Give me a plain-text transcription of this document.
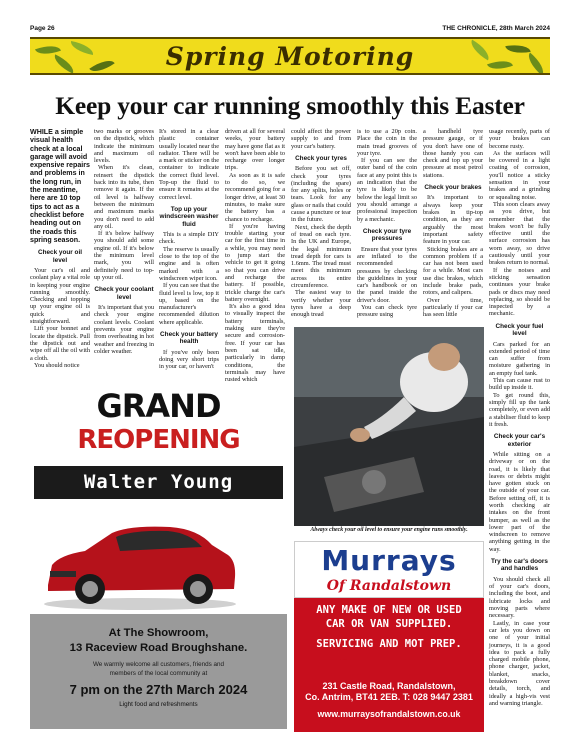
Page 26	THE CHRONICLE, 28th March 2024
Spring Motoring
Keep your car running smoothly this Easter

WHILE a simple visual health check at a local garage will avoid expensive repairs and problems in the long run, in the meantime, here are 10 top tips to act as a checklist before heading out on the roads this spring season.

Check your oil level

Your car's oil and coolant play a vital role in keeping your engine running smoothly. Checking and topping up your engine oil is quick and straightforward.

Lift your bonnet and locate the dipstick. Pull the dipstick out and wipe off all the oil with a cloth.

You should notice

two marks or grooves on the dipstick, which indicate the minimum and maximum oil levels.

When it's clean, reinsert the dipstick back into its tube, then remove it again. If the oil level is halfway between the minimum and maximum marks you don't need to add any oil.

If it's below halfway you should add some engine oil. If it's below the minimum level mark, you will definitely need to top-up your oil.

Check your coolant level

It's important that you check your engine coolant levels. Coolant prevents your engine from overheating in hot weather and freezing in colder weather.

It's stored in a clear plastic container usually located near the radiator. There will be a mark or sticker on the container to indicate the correct fluid level. Top-up the fluid to ensure it remains at the correct level.

Top up your windscreen washer fluid

This is a simple DIY check.

The reserve is usually close to the top of the engine and is often marked with a windscreen wiper icon.

If you can see that the fluid level is low, top it up, based on the manufacturer's recommended dilution where applicable.

Check your battery health

If you've only been doing very short trips in your car, or haven't

driven at all for several weeks, your battery may have gone flat as it won't have been able to recharge over longer trips.

As soon as it is safe to do so, we recommend going for a longer drive, at least 30 minutes, to make sure the battery has a chance to recharge.

If you're having trouble starting your car for the first time in a while, you may need to jump start the vehicle to get it going so that you can drive and recharge the battery. If possible, trickle charge the car's battery overnight.

It's also a good idea to visually inspect the battery terminals, making sure they're secure and corrosion-free. If your car has been sat idle, particularly in damp conditions, the terminals may have rusted which

could affect the power supply to and from your car's battery.

Check your tyres

Before you set off, check your tyres (including the spare) for any splits, holes or tears. Look for any glass or nails that could cause a puncture or tear in the future.

Next, check the depth of tread on each tyre. In the UK and Europe, the legal minimum tread depth for cars is 1.6mm. The tread must meet this minimum across its entire circumference.

The easiest way to verify whether your tyres have a deep enough tread

is to use a 20p coin. Place the coin in the main tread grooves of your tyre.

If you can see the outer band of the coin face at any point this is an indication that the tyre is likely to be below the legal limit so you should arrange a professional inspection by a mechanic.

Check your tyre pressures

Ensure that your tyres are inflated to the recommended pressures by checking the guidelines in your car's handbook or on the panel inside the driver's door.

You can check tyre pressure using

a handheld tyre pressure gauge, or if you don't have one of those handy you can check and top up your pressure at most petrol stations.

Check your brakes

It's important to always keep your brakes in tip-top condition, as they are arguably the most important safety feature in your car.

Sticking brakes are a common problem if a car has not been used for a while. Most cars use disc brakes, which include brake pads, rotors, and calipers.

Over time, particularly if your car has seen little

usage recently, parts of your brakes can become rusty.

As the surfaces will be covered in a light coating of corrosion, you'll notice a sticky sensation in your brakes and a grinding or squealing noise.

This soon clears away as you drive, but remember that the brakes won't be fully effective until the surface corrosion has worn away, so drive cautiously until your brakes return to normal.

If the noises and sticking sensation continues your brake pads or discs may need replacing, so should be inspected by a mechanic.

Check your fuel level

Cars parked for an extended period of time can suffer from moisture gathering in an empty fuel tank.

This can cause rust to build up inside it.

To get round this, simply fill up the tank completely, or even add a stabiliser fluid to keep it fresh.

Check your car's exterior

While sitting on a driveway or on the road, it is likely that leaves or debris might have gotten stuck on the outside of your car. Before setting off, it is worth checking air intakes on the front bumper, as well as the lower part of the windscreen to remove anything getting in the way.

Try the car's doors and handles

You should check all of your car's doors, including the boot, and lubricate locks and moving parts where necessary.

Lastly, in case your car lets you down on one of your initial journeys, it is a good idea to pack a fully charged mobile phone, phone charger, jacket, blanket, snacks, breakdown cover details, torch, and ideally a high-vis vest and warning triangle.

GRAND
REOPENING
Walter Young
At The Showroom,
13 Raceview Road Broughshane.
We warmly welcome all customers, friends and
members of the local community at
7 pm on the 27th March 2024
Light food and refreshments
Always check your oil level to ensure your engine runs smoothly.
Murrays
Of Randalstown
ANY MAKE OF NEW OR USED
CAR OR VAN SUPPLIED.
SERVICING AND MOT PREP.
231 Castle Road, Randalstown,
Co. Antrim, BT41 2EB. T: 028 9447 2381
www.murraysofrandalstown.co.uk
